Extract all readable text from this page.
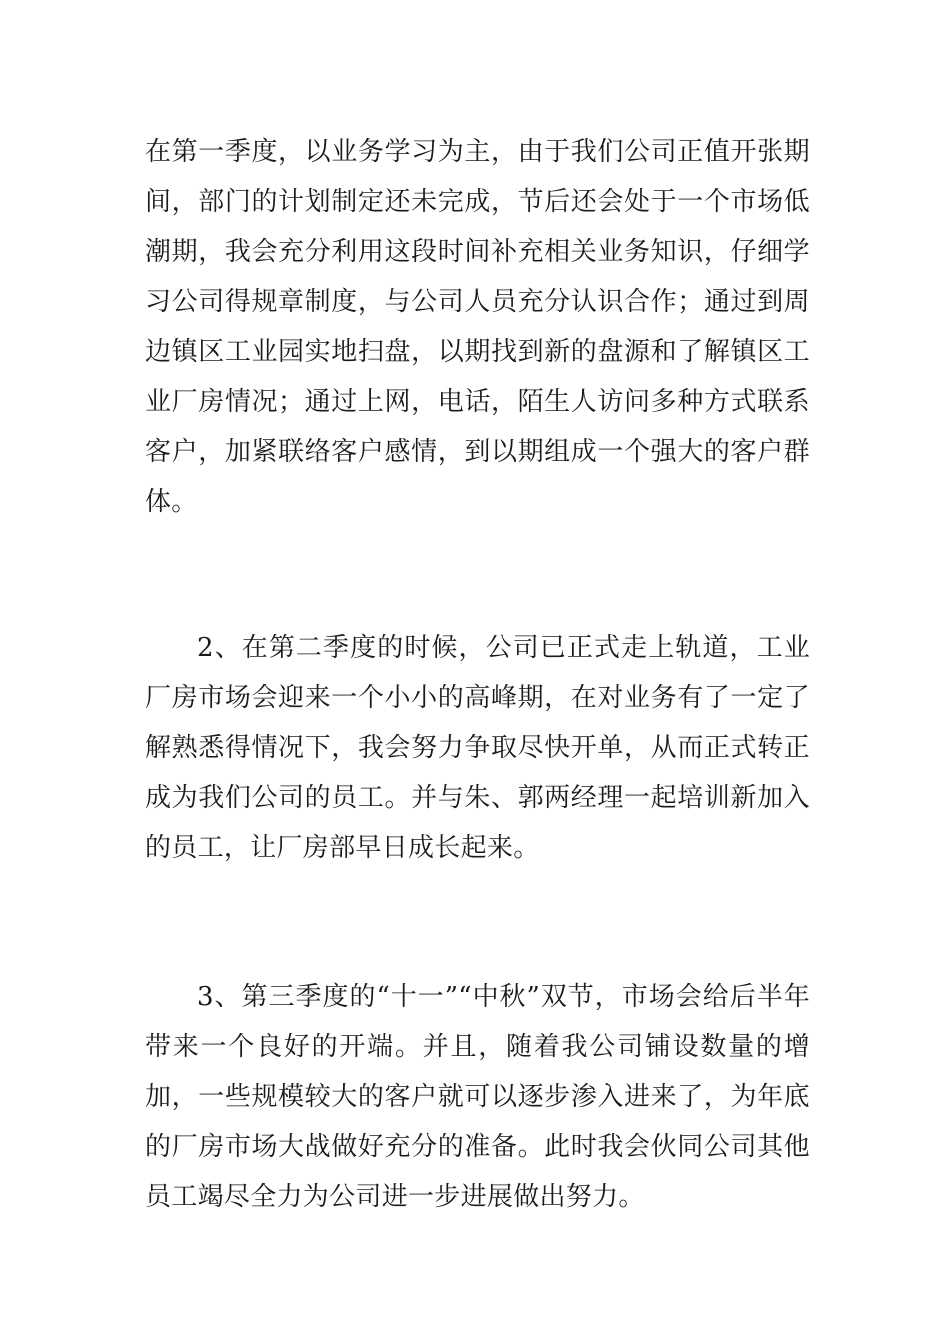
在第一季度，以业务学习为主，由于我们公司正值开张期间，部门的计划制定还未完成，节后还会处于一个市场低潮期，我会充分利用这段时间补充相关业务知识，仔细学习公司得规章制度，与公司人员充分认识合作；通过到周边镇区工业园实地扫盘，以期找到新的盘源和了解镇区工业厂房情况；通过上网，电话，陌生人访问多种方式联系客户，加紧联络客户感情，到以期组成一个强大的客户群体。

2、在第二季度的时候，公司已正式走上轨道，工业厂房市场会迎来一个小小的高峰期，在对业务有了一定了解熟悉得情况下，我会努力争取尽快开单，从而正式转正成为我们公司的员工。并与朱、郭两经理一起培训新加入的员工，让厂房部早日成长起来。

3、第三季度的“十一”“中秋”双节，市场会给后半年带来一个良好的开端。并且，随着我公司铺设数量的增加，一些规模较大的客户就可以逐步渗入进来了，为年底的厂房市场大战做好充分的准备。此时我会伙同公司其他员工竭尽全力为公司进一步进展做出努力。
